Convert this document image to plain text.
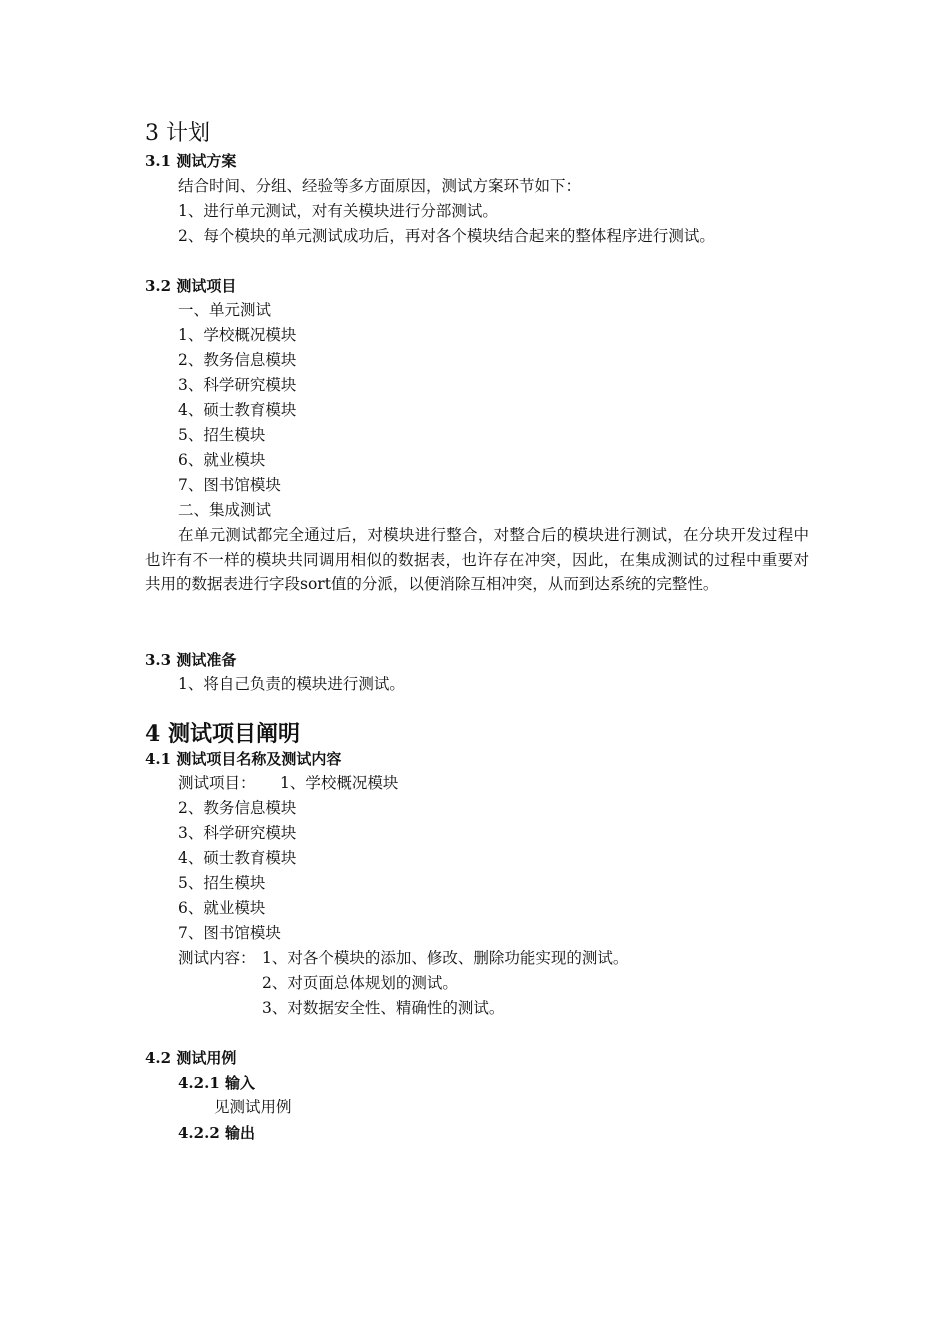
3 计划
3.1 测试方案
结合时间、分组、经验等多方面原因，测试方案环节如下：
1、进行单元测试，对有关模块进行分部测试。
2、每个模块的单元测试成功后，再对各个模块结合起来的整体程序进行测试。
3.2 测试项目
一、单元测试
1、学校概况模块
2、教务信息模块
3、科学研究模块
4、硕士教育模块
5、招生模块
6、就业模块
7、图书馆模块
二、集成测试
在单元测试都完全通过后，对模块进行整合，对整合后的模块进行测试，在分块开发过程中也许有不一样的模块共同调用相似的数据表，也许存在冲突，因此，在集成测试的过程中重要对共用的数据表进行字段sort值的分派，以便消除互相冲突，从而到达系统的完整性。
3.3 测试准备
1、将自己负责的模块进行测试。
4 测试项目阐明
4.1 测试项目名称及测试内容
测试项目： 1、学校概况模块
2、教务信息模块
3、科学研究模块
4、硕士教育模块
5、招生模块
6、就业模块
7、图书馆模块
测试内容： 1、对各个模块的添加、修改、删除功能实现的测试。
2、对页面总体规划的测试。
3、对数据安全性、精确性的测试。
4.2 测试用例
4.2.1 输入
见测试用例
4.2.2 输出
